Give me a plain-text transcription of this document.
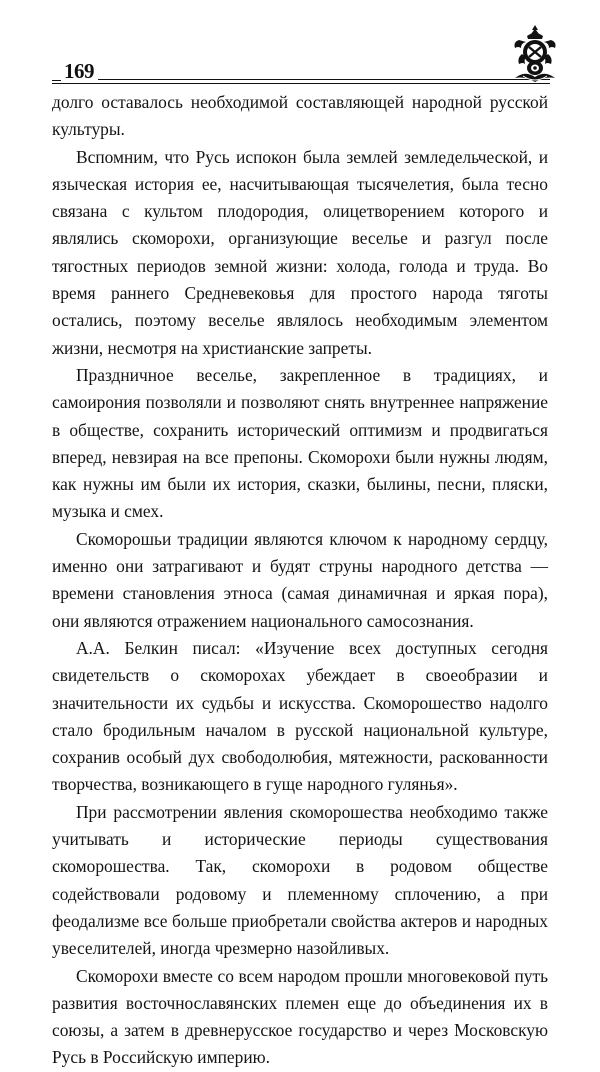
169

долго оставалось необходимой составляющей народной русской культуры.

Вспомним, что Русь испокон была землей земледельческой, и языческая история ее, насчитывающая тысячелетия, была тесно связана с культом плодородия, олицетворением которого и являлись скоморохи, организующие веселье и разгул после тягостных периодов земной жизни: холода, голода и труда. Во время раннего Средневековья для простого народа тяготы остались, поэтому веселье являлось необходимым элементом жизни, несмотря на христианские запреты.

Праздничное веселье, закрепленное в традициях, и самоирония позволяли и позволяют снять внутреннее напряжение в обществе, сохранить исторический оптимизм и продвигаться вперед, невзирая на все препоны. Скоморохи были нужны людям, как нужны им были их история, сказки, былины, песни, пляски, музыка и смех.

Скоморошьи традиции являются ключом к народному сердцу, именно они затрагивают и будят струны народного детства — времени становления этноса (самая динамичная и яркая пора), они являются отражением национального самосознания.

А.А. Белкин писал: «Изучение всех доступных сегодня свидетельств о скоморохах убеждает в своеобразии и значительности их судьбы и искусства. Скоморошество надолго стало бродильным началом в русской национальной культуре, сохранив особый дух свободолюбия, мятежности, раскованности творчества, возникающего в гуще народного гулянья».

При рассмотрении явления скоморошества необходимо также учитывать и исторические периоды существования скоморошества. Так, скоморохи в родовом обществе содействовали родовому и племенному сплочению, а при феодализме все больше приобретали свойства актеров и народных увеселителей, иногда чрезмерно назойливых.

Скоморохи вместе со всем народом прошли многовековой путь развития восточнославянских племен еще до объединения их в союзы, а затем в древнерусское государство и через Московскую Русь в Российскую империю.
